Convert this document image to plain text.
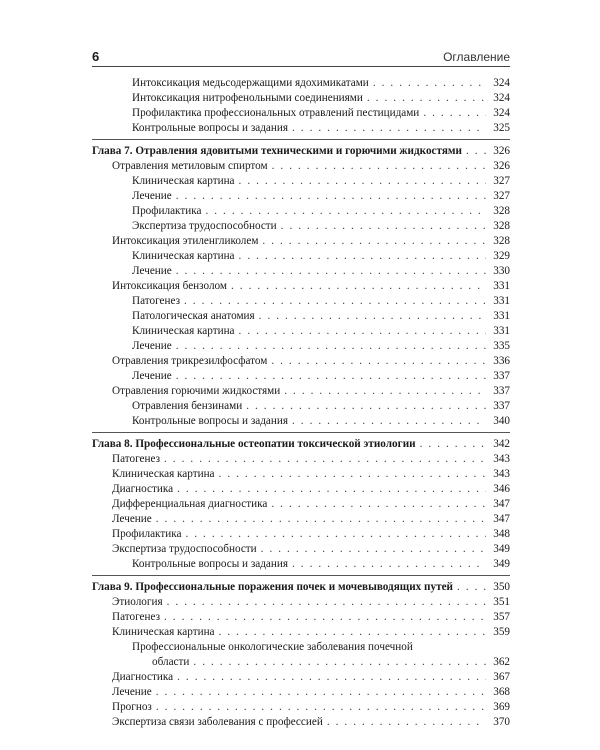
6	Оглавление
Интоксикация медьсодержащими ядохимикатами . . .	324
Интоксикация нитрофенольными соединениями . . .	324
Профилактика профессиональных отравлений пестицидами . . .	324
Контрольные вопросы и задания . . .	325
Глава 7. Отравления ядовитыми техническими и горючими жидкостями . . .	326
Отравления метиловым спиртом . . .	326
Клиническая картина . . .	327
Лечение . . .	327
Профилактика . . .	328
Экспертиза трудоспособности . . .	328
Интоксикация этиленгликолем . . .	328
Клиническая картина . . .	329
Лечение . . .	330
Интоксикация бензолом . . .	331
Патогенез . . .	331
Патологическая анатомия . . .	331
Клиническая картина . . .	331
Лечение . . .	335
Отравления трикрезилфосфатом . . .	336
Лечение . . .	337
Отравления горючими жидкостями . . .	337
Отравления бензинами . . .	337
Контрольные вопросы и задания . . .	340
Глава 8. Профессиональные остеопатии токсической этиологии . . .	342
Патогенез . . .	343
Клиническая картина . . .	343
Диагностика . . .	346
Дифференциальная диагностика . . .	347
Лечение . . .	347
Профилактика . . .	348
Экспертиза трудоспособности . . .	349
Контрольные вопросы и задания . . .	349
Глава 9. Профессиональные поражения почек и мочевыводящих путей . . .	350
Этиология . . .	351
Патогенез . . .	357
Клиническая картина . . .	359
Профессиональные онкологические заболевания почечной
области . . .	362
Диагностика . . .	367
Лечение . . .	368
Прогноз . . .	369
Экспертиза связи заболевания с профессией . . .	370
